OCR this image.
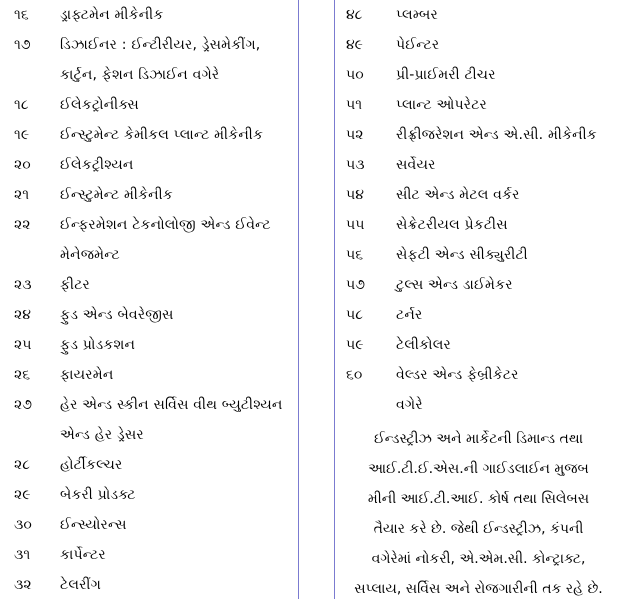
૧૬	ડ્રાફ્ટમેન મીકેનીક
૧૭	ડિઝાઈનર : ઈન્ટીરીયર, ડ્રેસમેકીંગ,
કાર્ટુન, ફેશન ડિઝાઈન વગેરે
૧૮	ઈલેકટ્રોનીક્સ
૧૯	ઈન્સ્ટુમેન્ટ કેમીકલ પ્લાન્ટ મીકેનીક
૨૦	ઈલેકટ્રીશ્યન
૨૧	ઈન્સ્ટુમેન્ટ મીકેનીક
૨૨	ઈન્ફરમેશન ટેકનોલોજી એન્ડ ઈવેન્ટ
મેનેજમેન્ટ
૨૩	ફીટર
૨૪	ફુડ એન્ડ બેવરેજીસ
૨૫	ફુડ પ્રોડકશન
૨૬	ફાયરમેન
૨૭	હેર એન્ડ સ્કીન સર્વિસ વીથ બ્યુટીશ્યન
એન્ડ હેર ડ્રેસર
૨૮	હોર્ટીકલ્ચર
૨૯	બેકરી પ્રોડક્ટ
૩૦	ઈન્સ્યોરન્સ
૩૧	કાર્પેન્ટર
૩૨	ટેલરીંગ
૪૮	પ્લમ્બર
૪૯	પેઈન્ટર
૫૦	પ્રી-પ્રાઈમરી ટીચર
૫૧	પ્લાન્ટ ઓપરેટર
૫૨	રીફ્રીજરેશન એન્ડ એ.સી. મીકેનીક
૫૩	સર્વેયર
૫૪	સીટ એન્ડ મેટલ વર્કર
૫૫	સેક્રેટરીયલ પ્રેકટીસ
૫૬	સેફટી એન્ડ સીક્યુરીટી
૫૭	ટુલ્સ એન્ડ ડાઈમેકર
૫૮	ટર્નર
૫૯	ટેલીકોલર
૬૦	વેલ્ડર એન્ડ ફેબ્રીકેટર
વગેરે
ઈન્ડસ્ટ્રીઝ અને માર્કેટની ડિમાન્ડ તથા
આઈ.ટી.ઈ.એસ.ની ગાઈડલાઈન મુજબ
મીની આઈ.ટી.આઈ. કોર્ષ તથા સિલેબસ
તૈયાર કરે છે. જેથી ઈન્ડસ્ટ્રીઝ, કંપની
વગેરેમાં નોકરી, એ.એમ.સી. કોન્ટ્રાક્ટ,
સપ્લાય, સર્વિસ અને રોજગારીની તક રહે છે.
